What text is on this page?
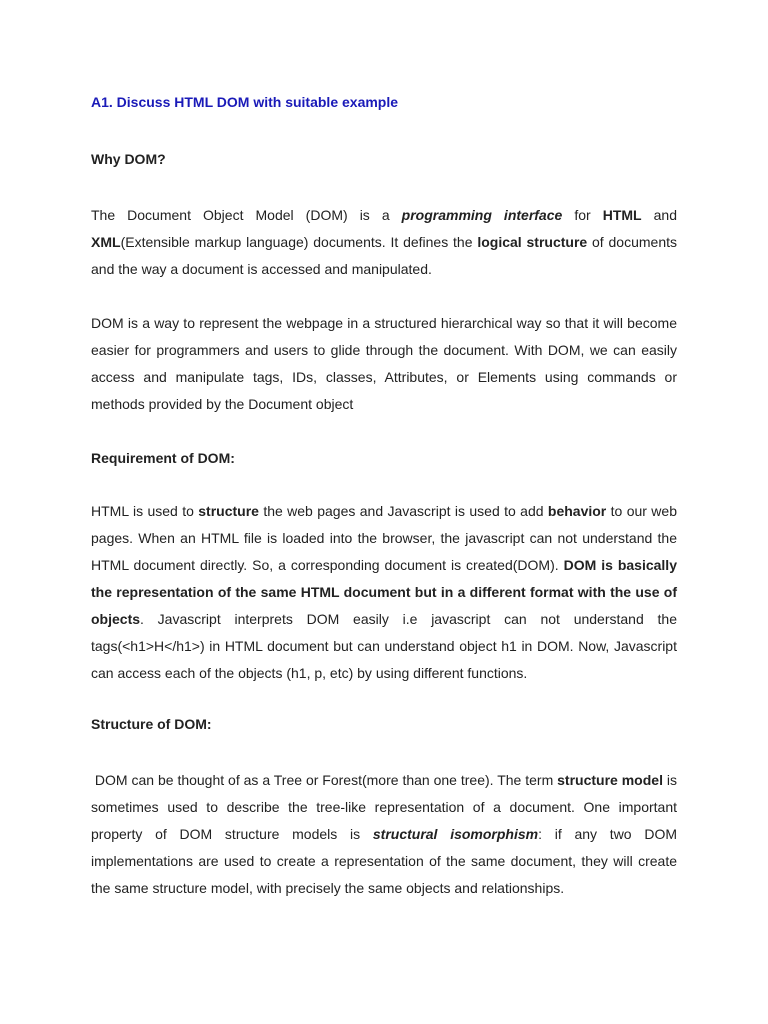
A1. Discuss HTML DOM with suitable example
Why DOM?

The Document Object Model (DOM) is a programming interface for HTML and XML(Extensible markup language) documents. It defines the logical structure of documents and the way a document is accessed and manipulated.

DOM is a way to represent the webpage in a structured hierarchical way so that it will become easier for programmers and users to glide through the document. With DOM, we can easily access and manipulate tags, IDs, classes, Attributes, or Elements using commands or methods provided by the Document object

Requirement of DOM:

HTML is used to structure the web pages and Javascript is used to add behavior to our web pages. When an HTML file is loaded into the browser, the javascript can not understand the HTML document directly. So, a corresponding document is created(DOM). DOM is basically the representation of the same HTML document but in a different format with the use of objects. Javascript interprets DOM easily i.e javascript can not understand the tags(<h1>H</h1>) in HTML document but can understand object h1 in DOM. Now, Javascript can access each of the objects (h1, p, etc) by using different functions.

Structure of DOM:

DOM can be thought of as a Tree or Forest(more than one tree). The term structure model is sometimes used to describe the tree-like representation of a document. One important property of DOM structure models is structural isomorphism: if any two DOM implementations are used to create a representation of the same document, they will create the same structure model, with precisely the same objects and relationships.
